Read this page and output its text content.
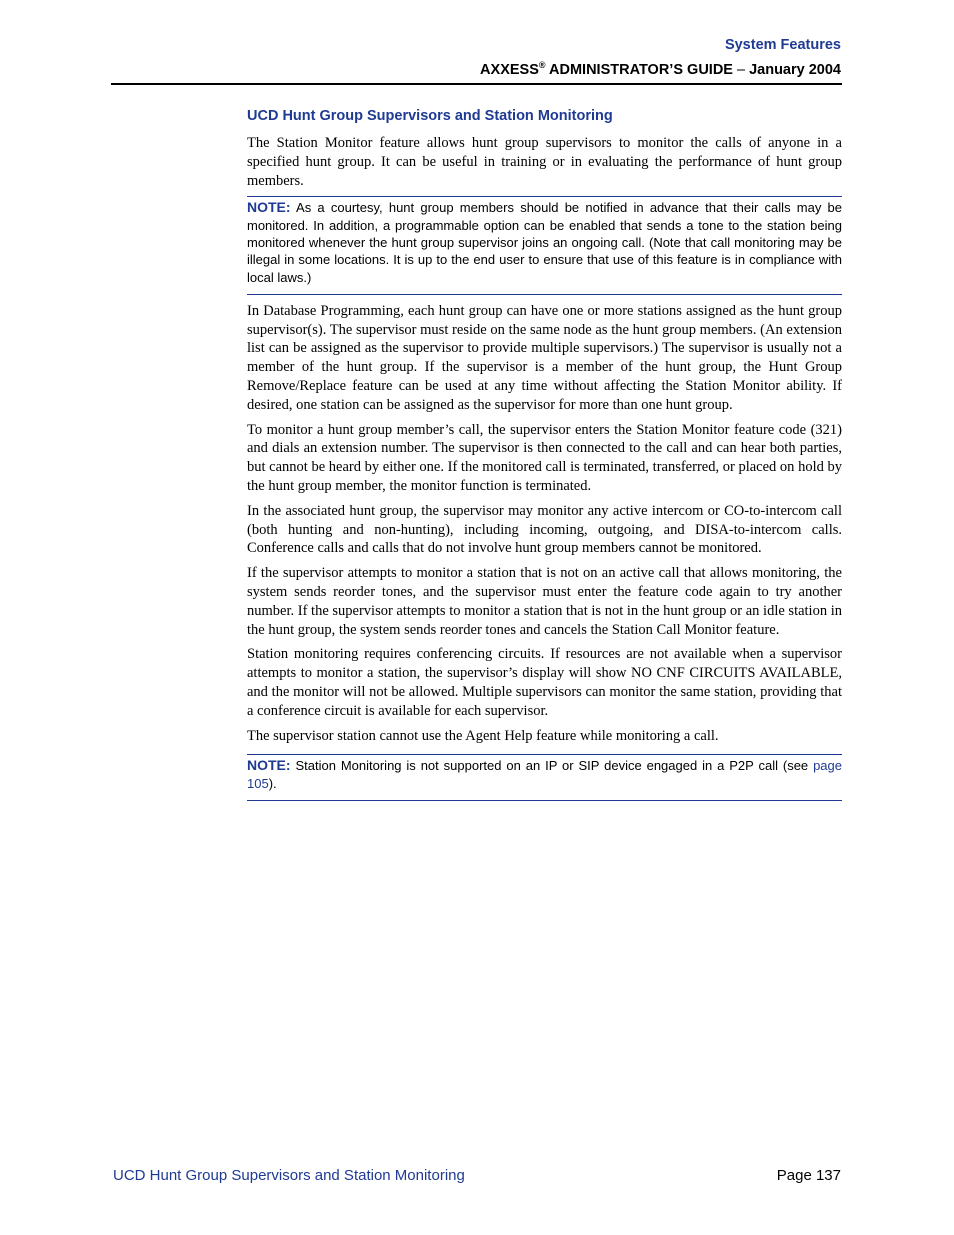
System Features
AXXESS® ADMINISTRATOR’S GUIDE – January 2004
UCD Hunt Group Supervisors and Station Monitoring

The Station Monitor feature allows hunt group supervisors to monitor the calls of anyone in a specified hunt group. It can be useful in training or in evaluating the performance of hunt group members.

NOTE: As a courtesy, hunt group members should be notified in advance that their calls may be monitored. In addition, a programmable option can be enabled that sends a tone to the station being monitored whenever the hunt group supervisor joins an ongoing call. (Note that call monitoring may be illegal in some locations. It is up to the end user to ensure that use of this feature is in compliance with local laws.)

In Database Programming, each hunt group can have one or more stations assigned as the hunt group supervisor(s). The supervisor must reside on the same node as the hunt group members. (An extension list can be assigned as the supervisor to provide multiple supervisors.) The supervisor is usually not a member of the hunt group. If the supervisor is a member of the hunt group, the Hunt Group Remove/Replace feature can be used at any time without affecting the Station Monitor ability. If desired, one station can be assigned as the supervisor for more than one hunt group.

To monitor a hunt group member’s call, the supervisor enters the Station Monitor feature code (321) and dials an extension number. The supervisor is then connected to the call and can hear both parties, but cannot be heard by either one. If the monitored call is terminated, transferred, or placed on hold by the hunt group member, the monitor function is terminated.

In the associated hunt group, the supervisor may monitor any active intercom or CO-to-intercom call (both hunting and non-hunting), including incoming, outgoing, and DISA-to-intercom calls. Conference calls and calls that do not involve hunt group members cannot be monitored.

If the supervisor attempts to monitor a station that is not on an active call that allows monitoring, the system sends reorder tones, and the supervisor must enter the feature code again to try another number. If the supervisor attempts to monitor a station that is not in the hunt group or an idle station in the hunt group, the system sends reorder tones and cancels the Station Call Monitor feature.

Station monitoring requires conferencing circuits. If resources are not available when a supervisor attempts to monitor a station, the supervisor’s display will show NO CNF CIRCUITS AVAILABLE, and the monitor will not be allowed. Multiple supervisors can monitor the same station, providing that a conference circuit is available for each supervisor.

The supervisor station cannot use the Agent Help feature while monitoring a call.

NOTE: Station Monitoring is not supported on an IP or SIP device engaged in a P2P call (see page 105).
UCD Hunt Group Supervisors and Station Monitoring	Page 137
